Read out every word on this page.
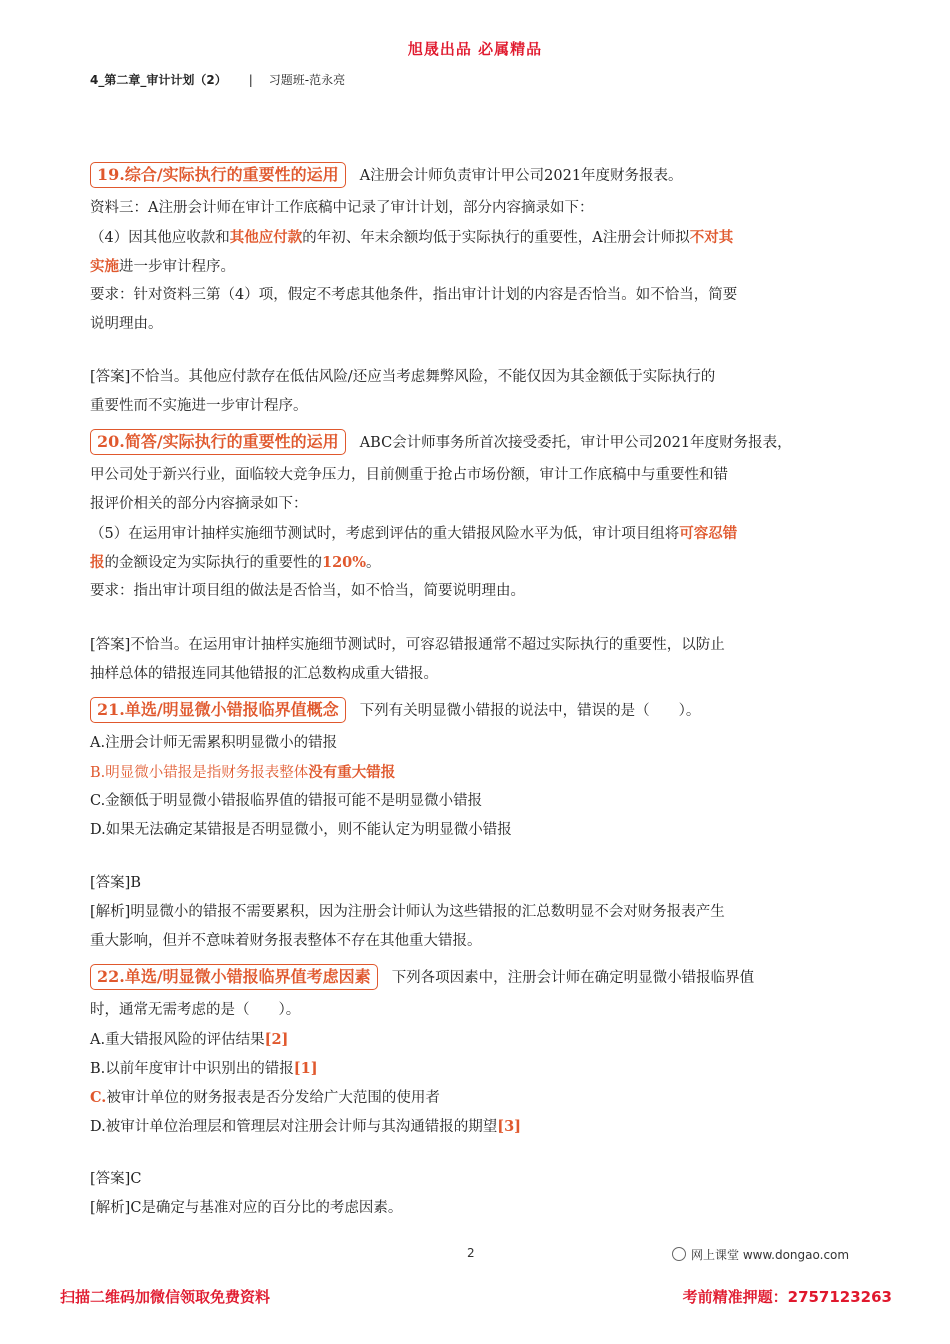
旭晟出品 必属精品
4_第二章_审计计划（2） | 习题班-范永亮
19.综合/实际执行的重要性的运用 A注册会计师负责审计甲公司2021年度财务报表。
资料三：A注册会计师在审计工作底稿中记录了审计计划，部分内容摘录如下：
（4）因其他应收款和其他应付款的年初、年末余额均低于实际执行的重要性，A注册会计师拟不对其
实施进一步审计程序。
要求：针对资料三第（4）项，假定不考虑其他条件，指出审计计划的内容是否恰当。如不恰当，简要
说明理由。
[答案]不恰当。其他应付款存在低估风险/还应当考虑舞弊风险，不能仅因为其金额低于实际执行的
重要性而不实施进一步审计程序。
20.简答/实际执行的重要性的运用 ABC会计师事务所首次接受委托，审计甲公司2021年度财务报表，
甲公司处于新兴行业，面临较大竞争压力，目前侧重于抢占市场份额，审计工作底稿中与重要性和错
报评价相关的部分内容摘录如下：
（5）在运用审计抽样实施细节测试时，考虑到评估的重大错报风险水平为低，审计项目组将可容忍错
报的金额设定为实际执行的重要性的120%。
要求：指出审计项目组的做法是否恰当，如不恰当，简要说明理由。
[答案]不恰当。在运用审计抽样实施细节测试时，可容忍错报通常不超过实际执行的重要性，以防止
抽样总体的错报连同其他错报的汇总数构成重大错报。
21.单选/明显微小错报临界值概念 下列有关明显微小错报的说法中，错误的是（　　）。
A.注册会计师无需累积明显微小的错报
B.明显微小错报是指财务报表整体没有重大错报
C.金额低于明显微小错报临界值的错报可能不是明显微小错报
D.如果无法确定某错报是否明显微小，则不能认定为明显微小错报
[答案]B
[解析]明显微小的错报不需要累积，因为注册会计师认为这些错报的汇总数明显不会对财务报表产生
重大影响，但并不意味着财务报表整体不存在其他重大错报。
22.单选/明显微小错报临界值考虑因素 下列各项因素中，注册会计师在确定明显微小错报临界值
时，通常无需考虑的是（　　）。
A.重大错报风险的评估结果[2]
B.以前年度审计中识别出的错报[1]
C.被审计单位的财务报表是否分发给广大范围的使用者
D.被审计单位治理层和管理层对注册会计师与其沟通错报的期望[3]
[答案]C
[解析]C是确定与基准对应的百分比的考虑因素。
2	网上课堂 www.dongao.com
扫描二维码加微信领取免费资料	考前精准押题：2757123263
